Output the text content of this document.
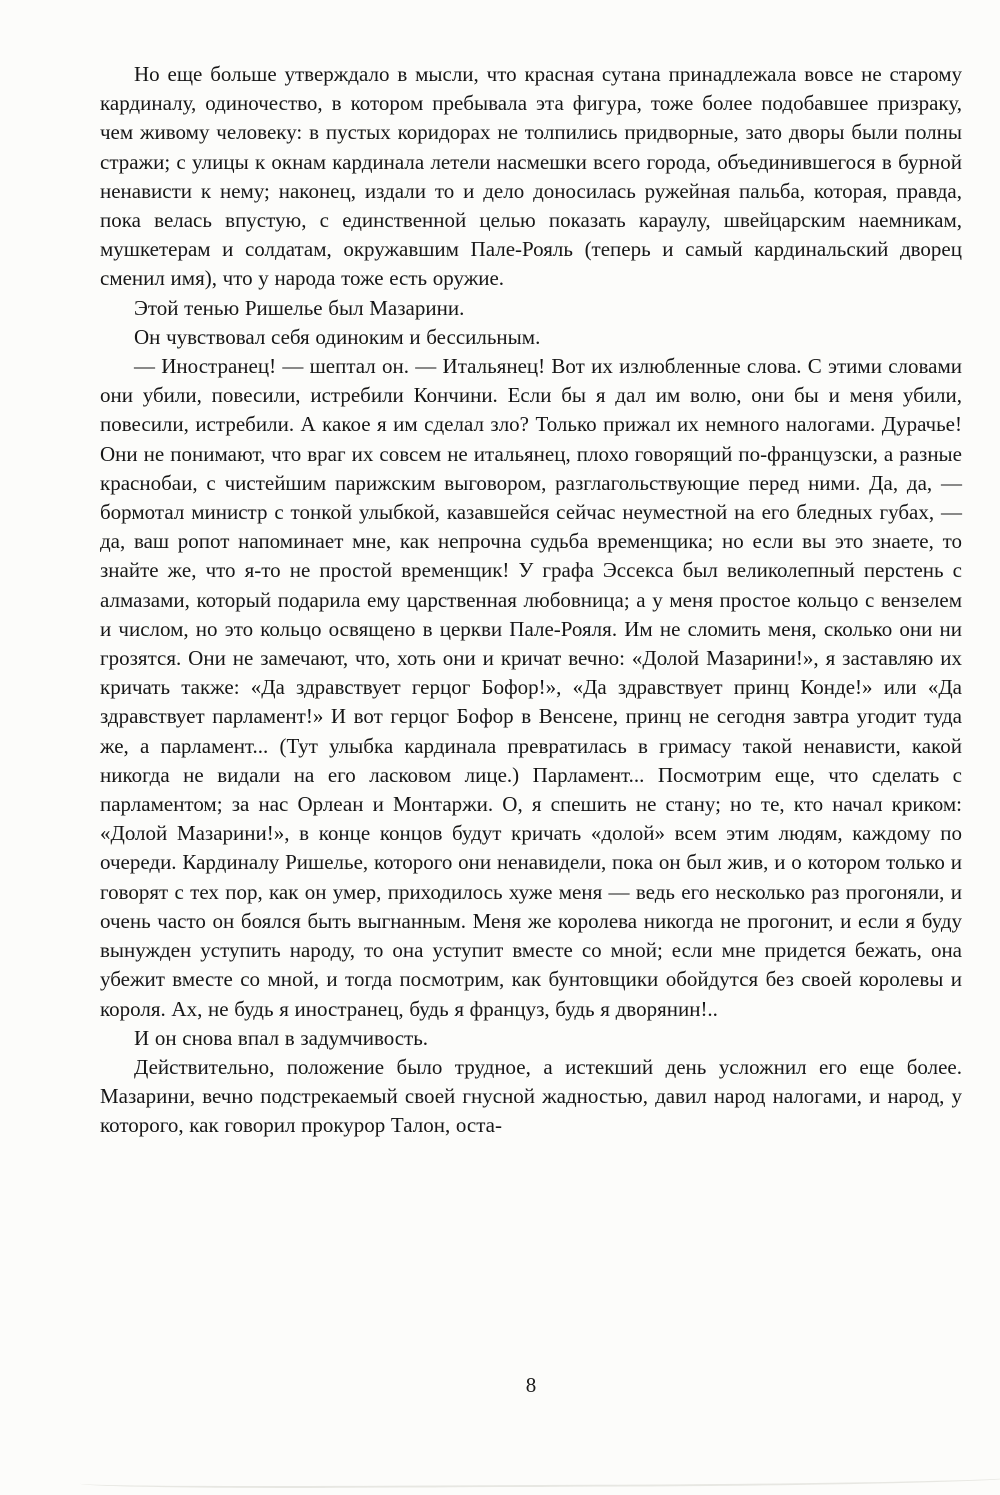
Но еще больше утверждало в мысли, что красная сутана принадлежала вовсе не старому кардиналу, одиночество, в котором пребывала эта фигура, тоже более подобавшее призраку, чем живому человеку: в пустых коридорах не толпились придворные, зато дворы были полны стражи; с улицы к окнам кардинала летели насмешки всего города, объединившегося в бурной ненависти к нему; наконец, издали то и дело доносилась ружейная пальба, которая, правда, пока велась впустую, с единственной целью показать караулу, швейцарским наемникам, мушкетерам и солдатам, окружавшим Пале-Рояль (теперь и самый кардинальский дворец сменил имя), что у народа тоже есть оружие.

Этой тенью Ришелье был Мазарини.

Он чувствовал себя одиноким и бессильным.

— Иностранец! — шептал он. — Итальянец! Вот их излюбленные слова. С этими словами они убили, повесили, истребили Кончини. Если бы я дал им волю, они бы и меня убили, повесили, истребили. А какое я им сделал зло? Только прижал их немного налогами. Дурачье! Они не понимают, что враг их совсем не итальянец, плохо говорящий по-французски, а разные краснобаи, с чистейшим парижским выговором, разглагольствующие перед ними. Да, да, — бормотал министр с тонкой улыбкой, казавшейся сейчас неуместной на его бледных губах, — да, ваш ропот напоминает мне, как непрочна судьба временщика; но если вы это знаете, то знайте же, что я-то не простой временщик! У графа Эссекса был великолепный перстень с алмазами, который подарила ему царственная любовница; а у меня простое кольцо с вензелем и числом, но это кольцо освящено в церкви Пале-Рояля. Им не сломить меня, сколько они ни грозятся. Они не замечают, что, хоть они и кричат вечно: «Долой Мазарини!», я заставляю их кричать также: «Да здравствует герцог Бофор!», «Да здравствует принц Конде!» или «Да здравствует парламент!» И вот герцог Бофор в Венсене, принц не сегодня завтра угодит туда же, а парламент... (Тут улыбка кардинала превратилась в гримасу такой ненависти, какой никогда не видали на его ласковом лице.) Парламент... Посмотрим еще, что сделать с парламентом; за нас Орлеан и Монтаржи. О, я спешить не стану; но те, кто начал криком: «Долой Мазарини!», в конце концов будут кричать «долой» всем этим людям, каждому по очереди. Кардиналу Ришелье, которого они ненавидели, пока он был жив, и о котором только и говорят с тех пор, как он умер, приходилось хуже меня — ведь его несколько раз прогоняли, и очень часто он боялся быть выгнанным. Меня же королева никогда не прогонит, и если я буду вынужден уступить народу, то она уступит вместе со мной; если мне придется бежать, она убежит вместе со мной, и тогда посмотрим, как бунтовщики обойдутся без своей королевы и короля. Ах, не будь я иностранец, будь я француз, будь я дворянин!..

И он снова впал в задумчивость.

Действительно, положение было трудное, а истекший день усложнил его еще более. Мазарини, вечно подстрекаемый своей гнусной жадностью, давил народ налогами, и народ, у которого, как говорил прокурор Талон, оста-

8
